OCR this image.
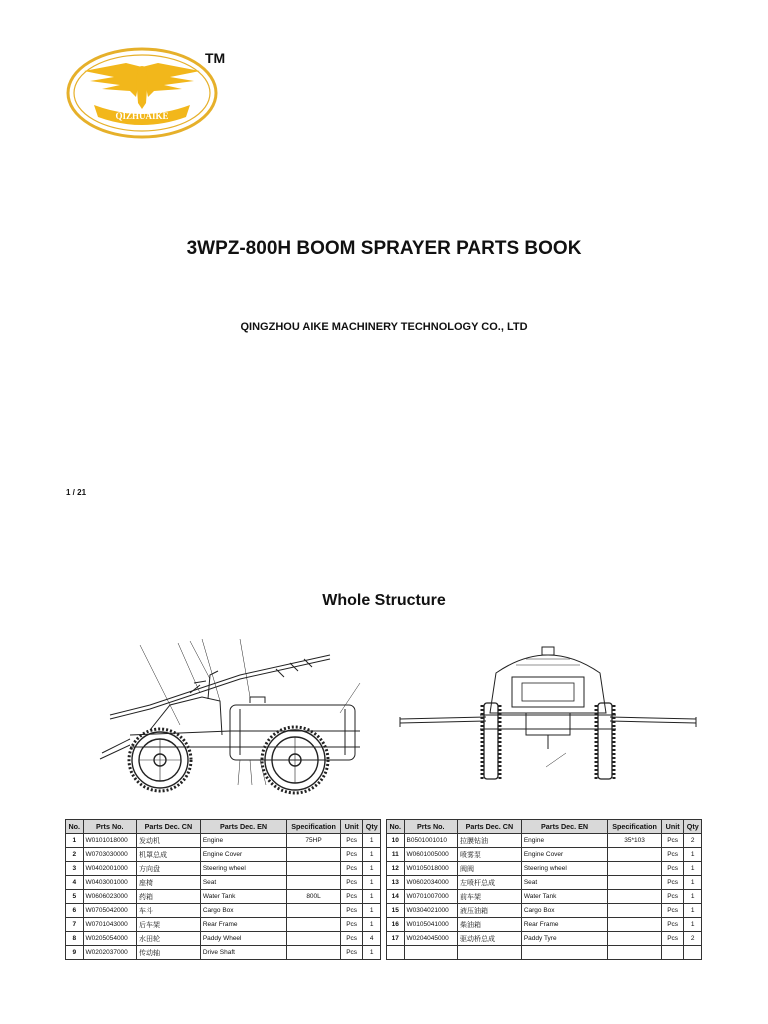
QIZHUAIKE
TM
3WPZ-800H BOOM SPRAYER PARTS BOOK
QINGZHOU AIKE MACHINERY TECHNOLOGY CO., LTD
1 / 21
Whole Structure
No.	Prts No.	Parts Dec. CN	Parts Dec. EN	Specification	Unit	Qty
1	W0101018000	发动机	Engine	75HP	Pcs	1
2	W0703030000	机罩总成	Engine Cover		Pcs	1
3	W0402001000	方向盘	Steering wheel		Pcs	1
4	W0403001000	座椅	Seat		Pcs	1
5	W0606023000	药箱	Water Tank	800L	Pcs	1
6	W0705042000	车斗	Cargo Box		Pcs	1
7	W0701043000	后车架	Rear Frame		Pcs	1
8	W0205054000	水田轮	Paddy Wheel		Pcs	4
9	W0202037000	传动轴	Drive Shaft		Pcs	1
No.	Prts No.	Parts Dec. CN	Parts Dec. EN	Specification	Unit	Qty
10	B0501001010	拉膜钻油	Engine	35*103	Pcs	2
11	W0601005000	喷雾泵	Engine Cover		Pcs	1
12	W0105018000	阀阀	Steering wheel		Pcs	1
13	W0602034000	左喷杆总成	Seat		Pcs	1
14	W0701007000	前车架	Water Tank		Pcs	1
15	W0304021000	液压油箱	Cargo Box		Pcs	1
16	W0105041000	柴油箱	Rear Frame		Pcs	1
17	W0204045000	驱动桥总成	Paddy Tyre		Pcs	2
